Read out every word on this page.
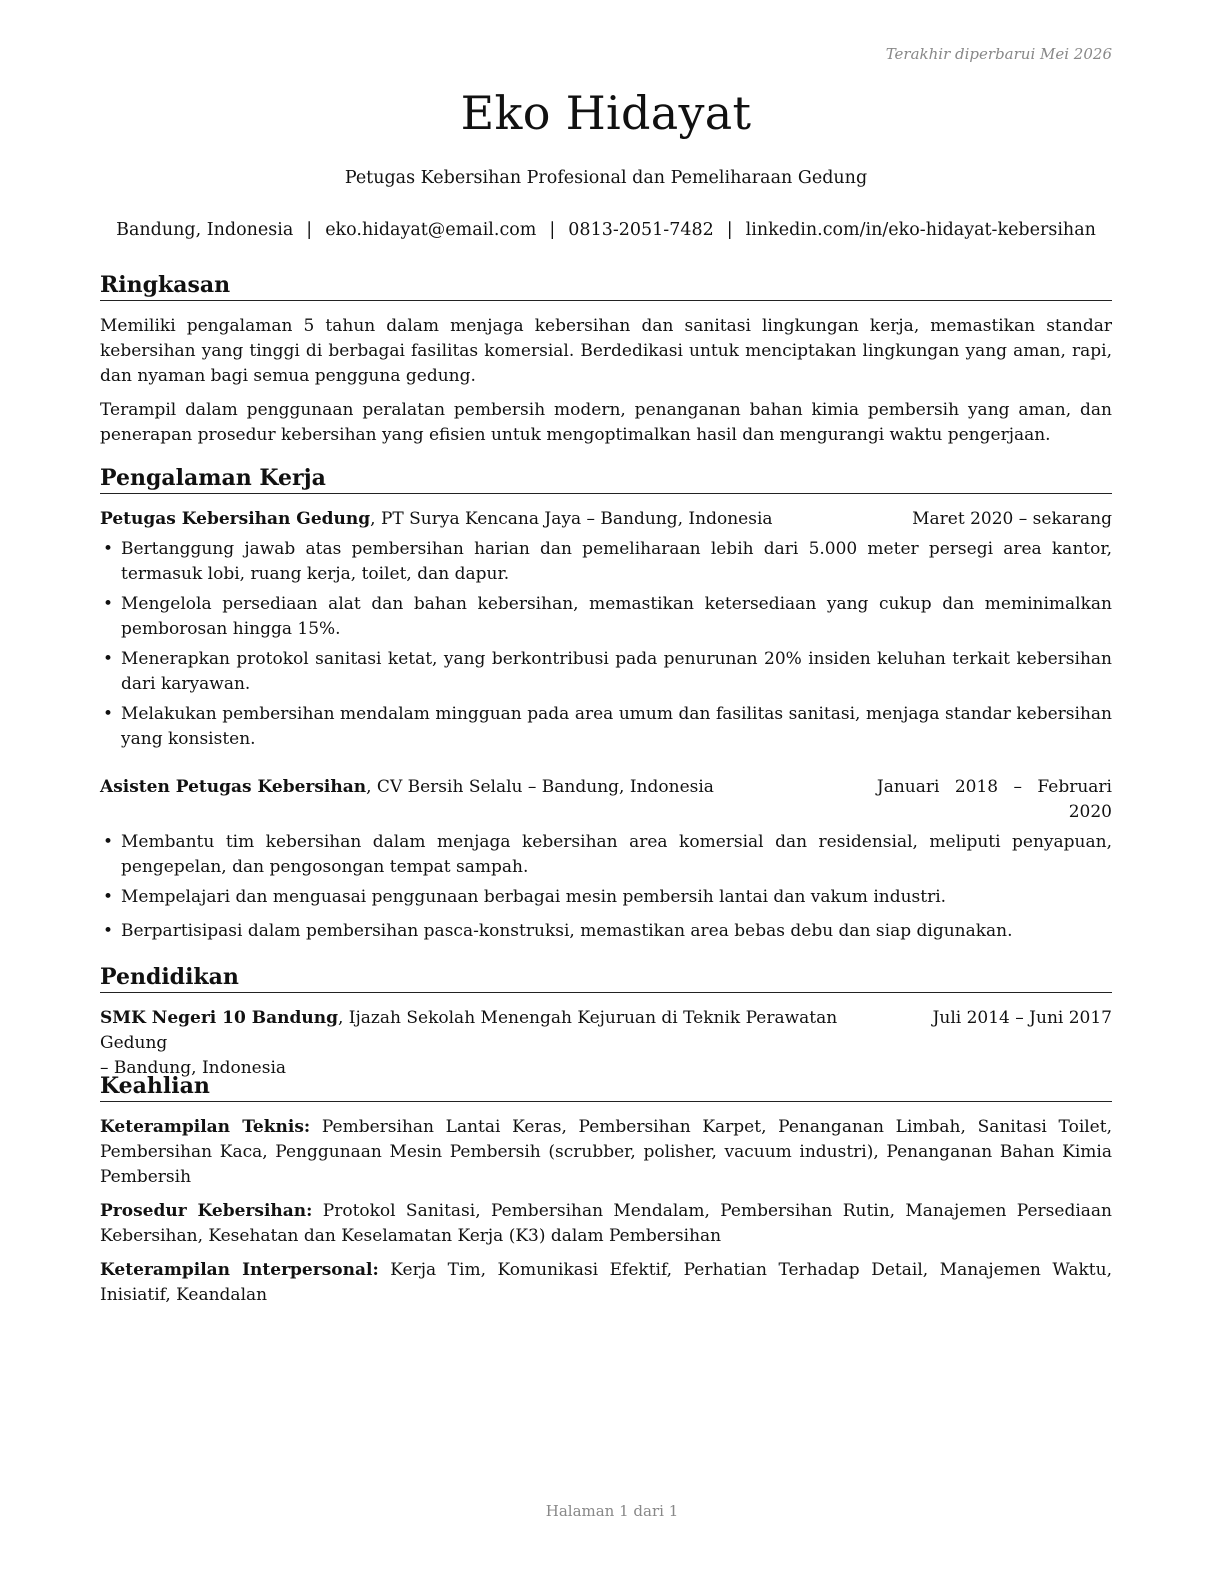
Terakhir diperbarui Mei 2026
Eko Hidayat
Petugas Kebersihan Profesional dan Pemeliharaan Gedung
Bandung, Indonesia | eko.hidayat@email.com | 0813-2051-7482 | linkedin.com/in/eko-hidayat-kebersihan
Ringkasan
Memiliki pengalaman 5 tahun dalam menjaga kebersihan dan sanitasi lingkungan kerja, memastikan standar kebersihan yang tinggi di berbagai fasilitas komersial. Berdedikasi untuk menciptakan lingkungan yang aman, rapi, dan nyaman bagi semua pengguna gedung.
Terampil dalam penggunaan peralatan pembersih modern, penanganan bahan kimia pembersih yang aman, dan penerapan prosedur kebersihan yang efisien untuk mengoptimalkan hasil dan mengurangi waktu pengerjaan.
Pengalaman Kerja
Petugas Kebersihan Gedung, PT Surya Kencana Jaya – Bandung, Indonesia	Maret 2020 – sekarang
• Bertanggung jawab atas pembersihan harian dan pemeliharaan lebih dari 5.000 meter persegi area kantor, termasuk lobi, ruang kerja, toilet, dan dapur.
• Mengelola persediaan alat dan bahan kebersihan, memastikan ketersediaan yang cukup dan meminimalkan pemborosan hingga 15%.
• Menerapkan protokol sanitasi ketat, yang berkontribusi pada penurunan 20% insiden keluhan terkait kebersihan dari karyawan.
• Melakukan pembersihan mendalam mingguan pada area umum dan fasilitas sanitasi, menjaga standar kebersihan yang konsisten.
Asisten Petugas Kebersihan, CV Bersih Selalu – Bandung, Indonesia	Januari 2018 – Februari
2020
• Membantu tim kebersihan dalam menjaga kebersihan area komersial dan residensial, meliputi penyapuan, pengepelan, dan pengosongan tempat sampah.
• Mempelajari dan menguasai penggunaan berbagai mesin pembersih lantai dan vakum industri.
• Berpartisipasi dalam pembersihan pasca-konstruksi, memastikan area bebas debu dan siap digunakan.
Pendidikan
SMK Negeri 10 Bandung, Ijazah Sekolah Menengah Kejuruan di Teknik Perawatan Gedung
– Bandung, Indonesia
Juli 2014 – Juni 2017
Keahlian
Keterampilan Teknis: Pembersihan Lantai Keras, Pembersihan Karpet, Penanganan Limbah, Sanitasi Toilet, Pembersihan Kaca, Penggunaan Mesin Pembersih (scrubber, polisher, vacuum industri), Penanganan Bahan Kimia Pembersih
Prosedur Kebersihan: Protokol Sanitasi, Pembersihan Mendalam, Pembersihan Rutin, Manajemen Persediaan Kebersihan, Kesehatan dan Keselamatan Kerja (K3) dalam Pembersihan
Keterampilan Interpersonal: Kerja Tim, Komunikasi Efektif, Perhatian Terhadap Detail, Manajemen Waktu, Inisiatif, Keandalan
Halaman 1 dari 1
